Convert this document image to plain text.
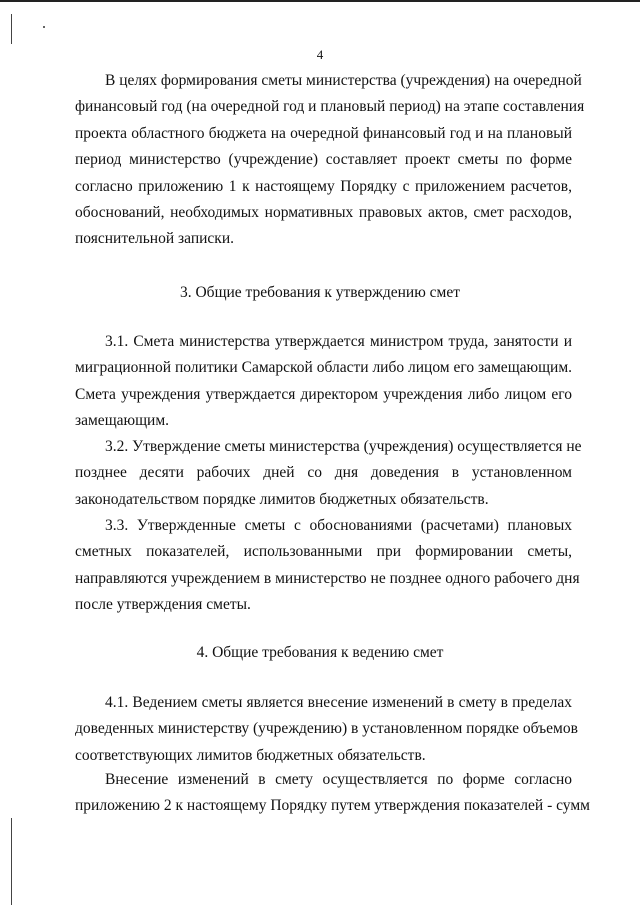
4
В целях формирования сметы министерства (учреждения) на очередной
финансовый год (на очередной год и плановый период) на этапе составления
проекта областного бюджета на очередной финансовый год и на плановый
период министерство (учреждение) составляет проект сметы по форме
согласно приложению 1 к настоящему Порядку с приложением расчетов,
обоснований, необходимых нормативных правовых актов, смет расходов,
пояснительной записки.
3. Общие требования к утверждению смет
3.1. Смета министерства утверждается министром труда, занятости и
миграционной политики Самарской области либо лицом его замещающим.
Смета учреждения утверждается директором учреждения либо лицом его
замещающим.
3.2. Утверждение сметы министерства (учреждения) осуществляется не
позднее десяти рабочих дней со дня доведения в установленном
законодательством порядке лимитов бюджетных обязательств.
3.3. Утвержденные сметы с обоснованиями (расчетами) плановых
сметных показателей, использованными при формировании сметы,
направляются учреждением в министерство не позднее одного рабочего дня
после утверждения сметы.
4. Общие требования к ведению смет
4.1. Ведением сметы является внесение изменений в смету в пределах
доведенных министерству (учреждению) в установленном порядке объемов
соответствующих лимитов бюджетных обязательств.
Внесение изменений в смету осуществляется по форме согласно
приложению 2 к настоящему Порядку путем утверждения показателей - сумм
